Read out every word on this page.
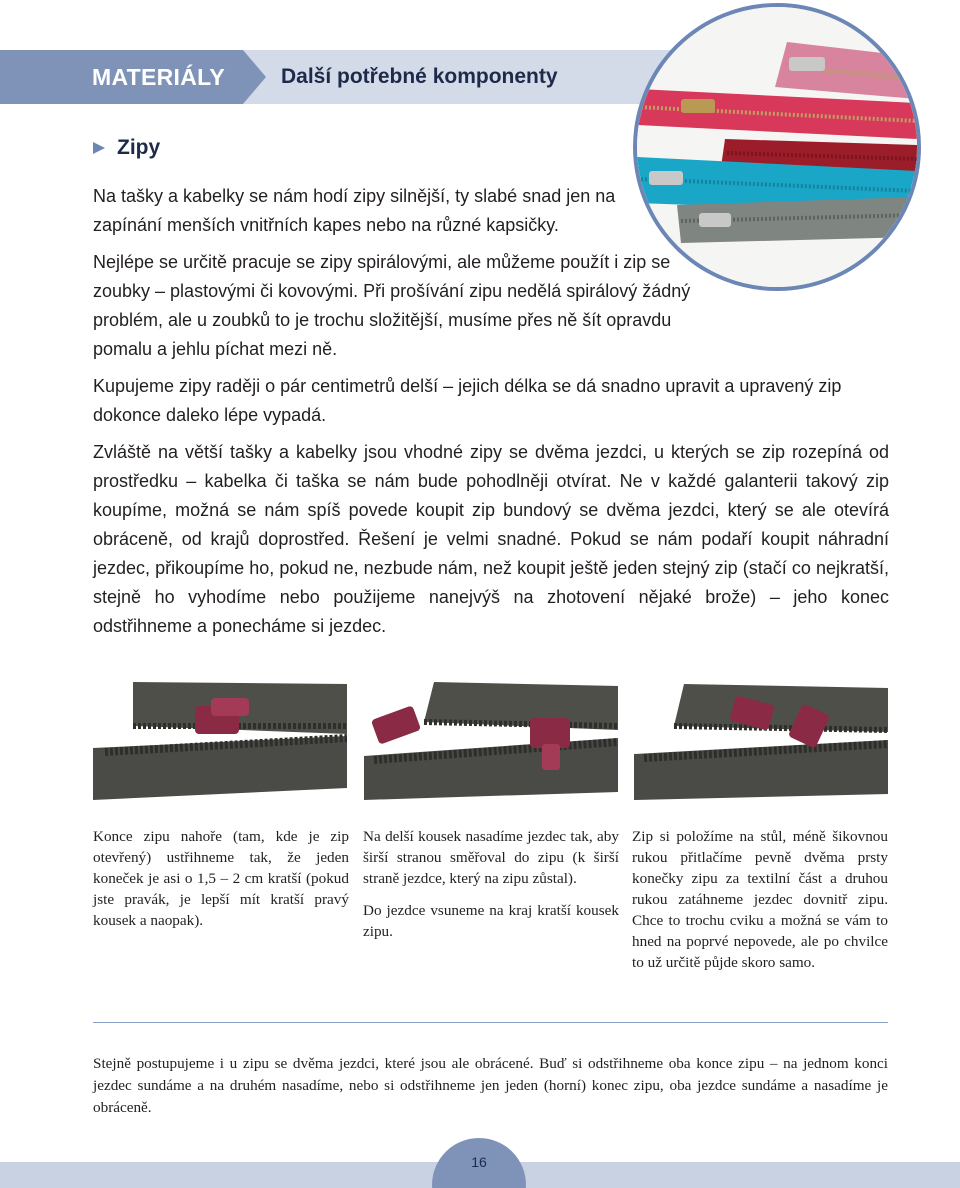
MATERIÁLY	Další potřebné komponenty
Zipy

Na tašky a kabelky se nám hodí zipy silnější, ty slabé snad jen na zapínání menších vnitřních kapes nebo na různé kapsičky.

Nejlépe se určitě pracuje se zipy spirálovými, ale můžeme použít i zip se zoubky – plastovými či kovovými. Při prošívání zipu nedělá spirálový žádný problém, ale u zoubků to je trochu složitější, musíme přes ně šít opravdu pomalu a jehlu píchat mezi ně.

Kupujeme zipy raději o pár centimetrů delší – jejich délka se dá snadno upravit a upravený zip dokonce daleko lépe vypadá.

Zvláště na větší tašky a kabelky jsou vhodné zipy se dvěma jezdci, u kterých se zip rozepíná od prostředku – kabelka či taška se nám bude pohodlněji otvírat. Ne v každé galanterii takový zip koupíme, možná se nám spíš povede koupit zip bundový se dvěma jezdci, který se ale otevírá obráceně, od krajů doprostřed. Řešení je velmi snadné. Pokud se nám podaří koupit náhradní jezdec, přikoupíme ho, pokud ne, nezbude nám, než koupit ještě jeden stejný zip (stačí co nejkratší, stejně ho vyhodíme nebo použijeme nanejvýš na zhotovení nějaké brože) – jeho konec odstřihneme a ponecháme si jezdec.

Konce zipu nahoře (tam, kde je zip otevřený) ustřihneme tak, že jeden koneček je asi o 1,5 – 2 cm kratší (pokud jste pravák, je lepší mít kratší pravý kousek a naopak).

Na delší kousek nasadíme jezdec tak, aby širší stranou směřoval do zipu (k širší straně jezdce, který na zipu zůstal).

Do jezdce vsuneme na kraj kratší kousek zipu.

Zip si položíme na stůl, méně šikovnou rukou přitlačíme pevně dvěma prsty konečky zipu za textilní část a druhou rukou zatáhneme jezdec dovnitř zipu. Chce to trochu cviku a možná se vám to hned na poprvé nepovede, ale po chvilce to už určitě půjde skoro samo.

Stejně postupujeme i u zipu se dvěma jezdci, které jsou ale obrácené. Buď si odstřihneme oba konce zipu – na jednom konci jezdec sundáme a na druhém nasadíme, nebo si odstřihneme jen jeden (horní) konec zipu, oba jezdce sundáme a nasadíme je obráceně.

16
